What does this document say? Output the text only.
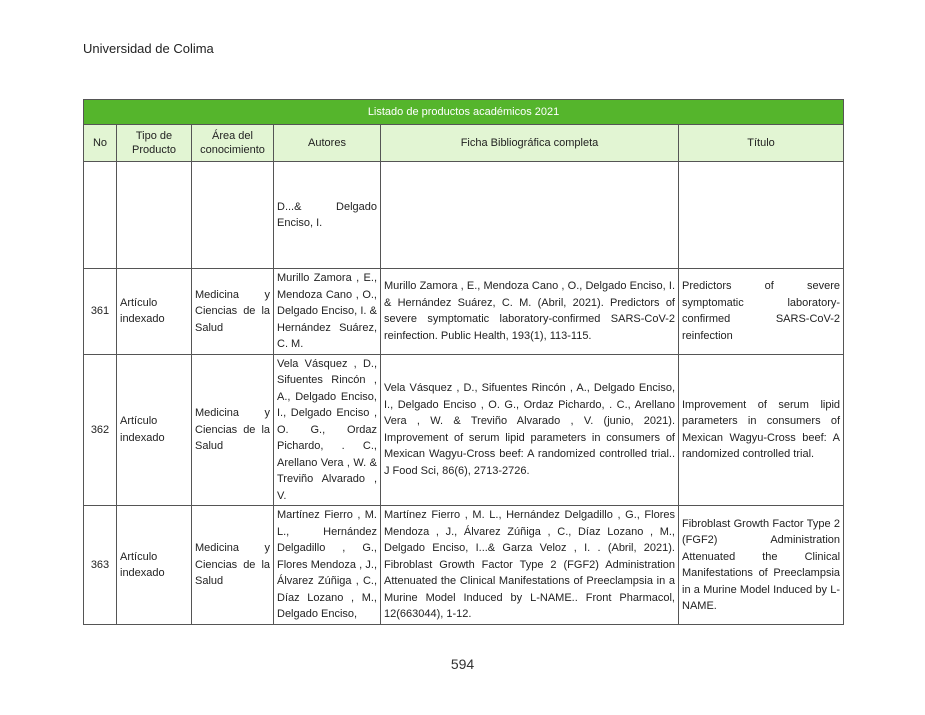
Universidad de Colima
Listado de productos académicos 2021					
No	Tipo de Producto	Área del conocimiento	Autores	Ficha Bibliográfica completa	Título
			D...& Delgado Enciso, I.		
361	Artículo indexado	Medicina y Ciencias de la Salud	Murillo Zamora , E., Mendoza Cano , O., Delgado Enciso, I. & Hernández Suárez, C. M.	Murillo Zamora , E., Mendoza Cano , O., Delgado Enciso, I. & Hernández Suárez, C. M. (Abril, 2021). Predictors of severe symptomatic laboratory-confirmed SARS-CoV-2 reinfection. Public Health, 193(1), 113-115.	Predictors of severe symptomatic laboratory-confirmed SARS-CoV-2 reinfection
362	Artículo indexado	Medicina y Ciencias de la Salud	Vela Vásquez , D., Sifuentes Rincón , A., Delgado Enciso, I., Delgado Enciso , O. G., Ordaz Pichardo, . C., Arellano Vera , W. & Treviño Alvarado , V.	Vela Vásquez , D., Sifuentes Rincón , A., Delgado Enciso, I., Delgado Enciso , O. G., Ordaz Pichardo, . C., Arellano Vera , W. & Treviño Alvarado , V. (junio, 2021). Improvement of serum lipid parameters in consumers of Mexican Wagyu-Cross beef: A randomized controlled trial.. J Food Sci, 86(6), 2713-2726.	Improvement of serum lipid parameters in consumers of Mexican Wagyu-Cross beef: A randomized controlled trial.
363	Artículo indexado	Medicina y Ciencias de la Salud	Martínez Fierro , M. L., Hernández Delgadillo , G., Flores Mendoza , J., Álvarez Zúñiga , C., Díaz Lozano , M., Delgado Enciso,	Martínez Fierro , M. L., Hernández Delgadillo , G., Flores Mendoza , J., Álvarez Zúñiga , C., Díaz Lozano , M., Delgado Enciso, I...& Garza Veloz , I. . (Abril, 2021). Fibroblast Growth Factor Type 2 (FGF2) Administration Attenuated the Clinical Manifestations of Preeclampsia in a Murine Model Induced by L-NAME.. Front Pharmacol, 12(663044), 1-12.	Fibroblast Growth Factor Type 2 (FGF2) Administration Attenuated the Clinical Manifestations of Preeclampsia in a Murine Model Induced by L-NAME.
594
